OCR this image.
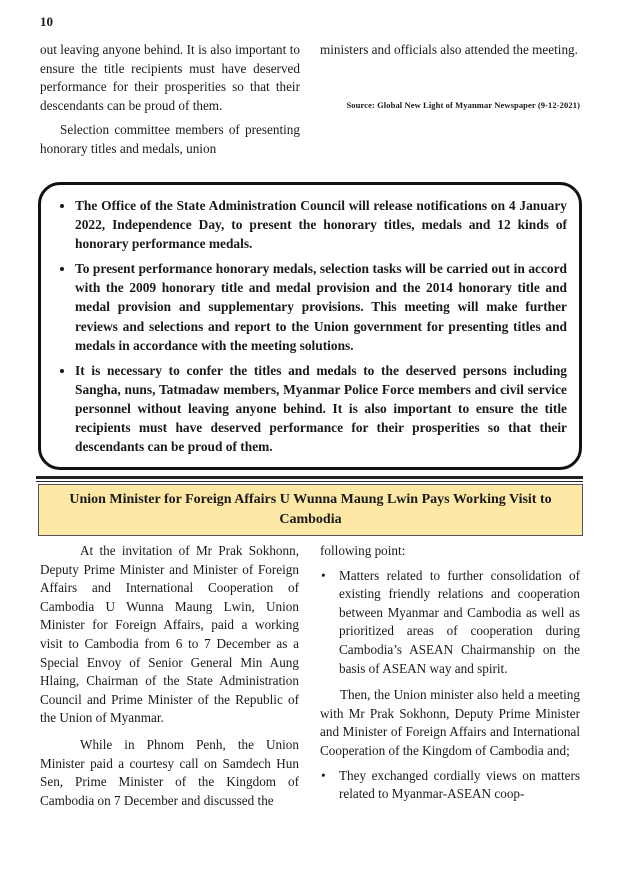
10

out leaving anyone behind. It is also important to ensure the title recipients must have deserved performance for their prosperities so that their descendants can be proud of them.

Selection committee members of presenting honorary titles and medals, union

ministers and officials also attended the meeting.

Source: Global New Light of Myanmar Newspaper (9-12-2021)
• The Office of the State Administration Council will release notifications on 4 January 2022, Independence Day, to present the honorary titles, medals and 12 kinds of honorary performance medals.
• To present performance honorary medals, selection tasks will be carried out in accord with the 2009 honorary title and medal provision and the 2014 honorary title and medal provision and supplementary provisions. This meeting will make further reviews and selections and report to the Union government for presenting titles and medals in accordance with the meeting solutions.
• It is necessary to confer the titles and medals to the deserved persons including Sangha, nuns, Tatmadaw members, Myanmar Police Force members and civil service personnel without leaving anyone behind. It is also important to ensure the title recipients must have deserved performance for their prosperities so that their descendants can be proud of them.
Union Minister for Foreign Affairs U Wunna Maung Lwin Pays Working Visit to Cambodia

At the invitation of Mr Prak Sokhonn, Deputy Prime Minister and Minister of Foreign Affairs and International Cooperation of Cambodia U Wunna Maung Lwin, Union Minister for Foreign Affairs, paid a working visit to Cambodia from 6 to 7 December as a Special Envoy of Senior General Min Aung Hlaing, Chairman of the State Administration Council and Prime Minister of the Republic of the Union of Myanmar.

While in Phnom Penh, the Union Minister paid a courtesy call on Samdech Hun Sen, Prime Minister of the Kingdom of Cambodia on 7 December and discussed the

following point:

• Matters related to further consolidation of existing friendly relations and cooperation between Myanmar and Cambodia as well as prioritized areas of cooperation during Cambodia’s ASEAN Chairmanship on the basis of ASEAN way and spirit.

Then, the Union minister also held a meeting with Mr Prak Sokhonn, Deputy Prime Minister and Minister of Foreign Affairs and International Cooperation of the Kingdom of Cambodia and;

• They exchanged cordially views on matters related to Myanmar-ASEAN coop-
